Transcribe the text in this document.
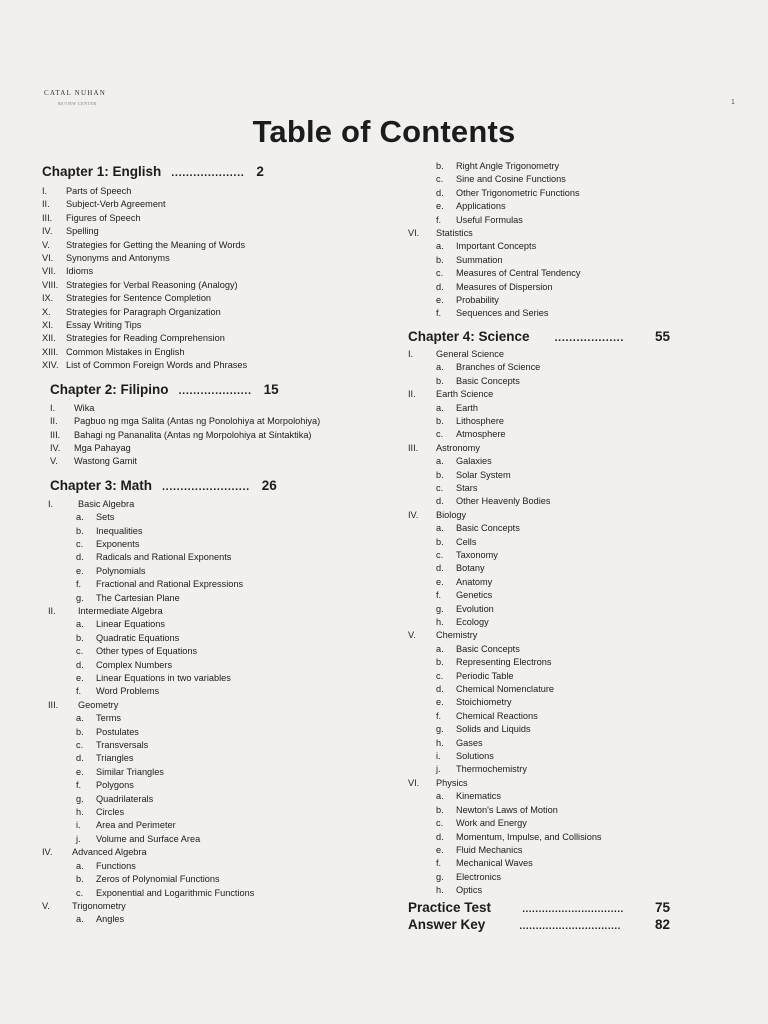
CATAL NUHAN
REVIEW CENTER	1
Table of Contents
Chapter 1: English .................... 2
I.	Parts of Speech
II.	Subject-Verb Agreement
III.	Figures of Speech
IV.	Spelling
V.	Strategies for Getting the Meaning of Words
VI.	Synonyms and Antonyms
VII.	Idioms
VIII. Strategies for Verbal Reasoning (Analogy)
IX.	Strategies for Sentence Completion
X.	Strategies for Paragraph Organization
XI.	Essay Writing Tips
XII.	Strategies for Reading Comprehension
XIII. Common Mistakes in English
XIV. List of Common Foreign Words and Phrases
Chapter 2: Filipino .................... 15
I.	Wika
II.	Pagbuo ng mga Salita (Antas ng Ponolohiya at Morpolohiya)
III.	Bahagi ng Pananalita (Antas ng Morpolohiya at Sintaktika)
IV.	Mga Pahayag
V.	Wastong Gamit
Chapter 3: Math ........................ 26
I.	Basic Algebra
a.	Sets
b.	Inequalities
c.	Exponents
d.	Radicals and Rational Exponents
e.	Polynomials
f.	Fractional and Rational Expressions
g.	The Cartesian Plane
II.	Intermediate Algebra
a.	Linear Equations
b.	Quadratic Equations
c.	Other types of Equations
d.	Complex Numbers
e.	Linear Equations in two variables
f.	Word Problems
III.	Geometry
a.	Terms
b.	Postulates
c.	Transversals
d.	Triangles
e.	Similar Triangles
f.	Polygons
g.	Quadrilaterals
h.	Circles
i.	Area and Perimeter
j.	Volume and Surface Area
IV.	Advanced Algebra
a.	Functions
b.	Zeros of Polynomial Functions
c.	Exponential and Logarithmic Functions
V.	Trigonometry
a.	Angles
b.	Right Angle Trigonometry
c.	Sine and Cosine Functions
d.	Other Trigonometric Functions
e.	Applications
f.	Useful Formulas
VI.	Statistics
a.	Important Concepts
b.	Summation
c.	Measures of Central Tendency
d.	Measures of Dispersion
e.	Probability
f.	Sequences and Series
Chapter 4: Science	...................	55
I.	General Science
a.	Branches of Science
b.	Basic Concepts
II.	Earth Science
a.	Earth
b.	Lithosphere
c.	Atmosphere
III.	Astronomy
a.	Galaxies
b.	Solar System
c.	Stars
d.	Other Heavenly Bodies
IV.	Biology
a.	Basic Concepts
b.	Cells
c.	Taxonomy
d.	Botany
e.	Anatomy
f.	Genetics
g.	Evolution
h.	Ecology
V.	Chemistry
a.	Basic Concepts
b.	Representing Electrons
c.	Periodic Table
d.	Chemical Nomenclature
e.	Stoichiometry
f.	Chemical Reactions
g.	Solids and Liquids
h.	Gases
i.	Solutions
j.	Thermochemistry
VI.	Physics
a.	Kinematics
b.	Newton's Laws of Motion
c.	Work and Energy
d.	Momentum, Impulse, and Collisions
e.	Fluid Mechanics
f.	Mechanical Waves
g.	Electronics
h.	Optics
Practice Test	...............................	75
Answer Key	...............................	82
